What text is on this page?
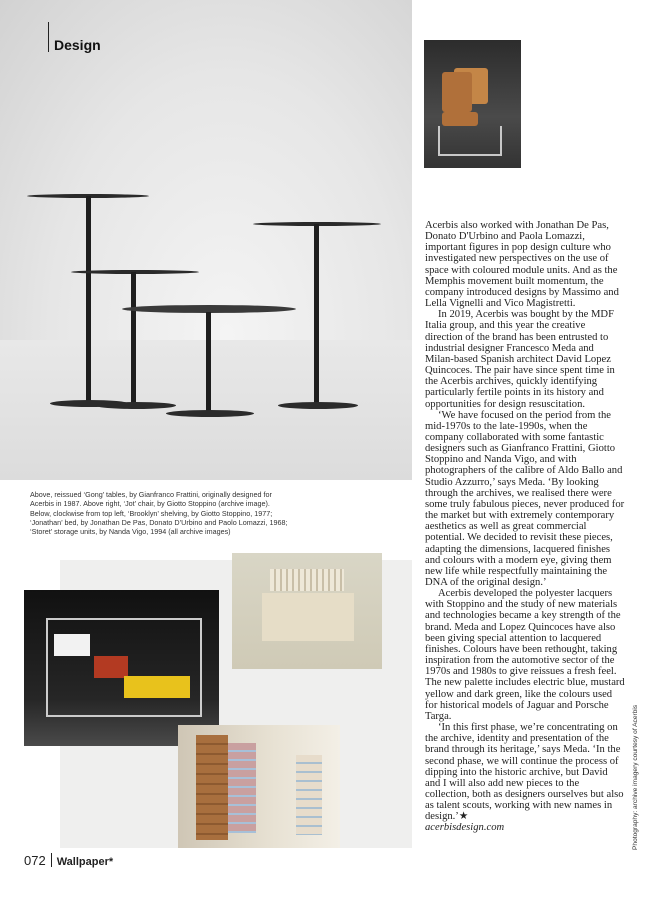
Design

Acerbis also worked with Jonathan De Pas, Donato D'Urbino and Paola Lomazzi, important figures in pop design culture who investigated new perspectives on the use of space with coloured module units. And as the Memphis movement built momentum, the company introduced designs by Massimo and Lella Vignelli and Vico Magistretti.

In 2019, Acerbis was bought by the MDF Italia group, and this year the creative direction of the brand has been entrusted to industrial designer Francesco Meda and Milan-based Spanish architect David Lopez Quincoces. The pair have since spent time in the Acerbis archives, quickly identifying particularly fertile points in its history and opportunities for design resuscitation.

‘We have focused on the period from the mid-1970s to the late-1990s, when the company collaborated with some fantastic designers such as Gianfranco Frattini, Giotto Stoppino and Nanda Vigo, and with photographers of the calibre of Aldo Ballo and Studio Azzurro,’ says Meda. ‘By looking through the archives, we realised there were some truly fabulous pieces, never produced for the market but with extremely contemporary aesthetics as well as great commercial potential. We decided to revisit these pieces, adapting the dimensions, lacquered finishes and colours with a modern eye, giving them new life while respectfully maintaining the DNA of the original design.’

Acerbis developed the polyester lacquers with Stoppino and the study of new materials and technologies became a key strength of the brand. Meda and Lopez Quincoces have also been giving special attention to lacquered finishes. Colours have been rethought, taking inspiration from the automotive sector of the 1970s and 1980s to give reissues a fresh feel. The new palette includes electric blue, mustard yellow and dark green, like the colours used for historical models of Jaguar and Porsche Targa.

‘In this first phase, we’re concentrating on the archive, identity and presentation of the brand through its heritage,’ says Meda. ‘In the second phase, we will continue the process of dipping into the historic archive, but David and I will also add new pieces to the collection, both as designers ourselves but also as talent scouts, working with new names in design.’★

acerbisdesign.com

Above, reissued ‘Gong’ tables, by Gianfranco Frattini, originally designed for Acerbis in 1987. Above right, ‘Jot’ chair, by Giotto Stoppino (archive image). Below, clockwise from top left, ‘Brooklyn’ shelving, by Giotto Stoppino, 1977; ‘Jonathan’ bed, by Jonathan De Pas, Donato D’Urbino and Paolo Lomazzi, 1968; ‘Storet’ storage units, by Nanda Vigo, 1994 (all archive images)
072 Wallpaper*
Photography: archive imagery courtesy of Acerbis
